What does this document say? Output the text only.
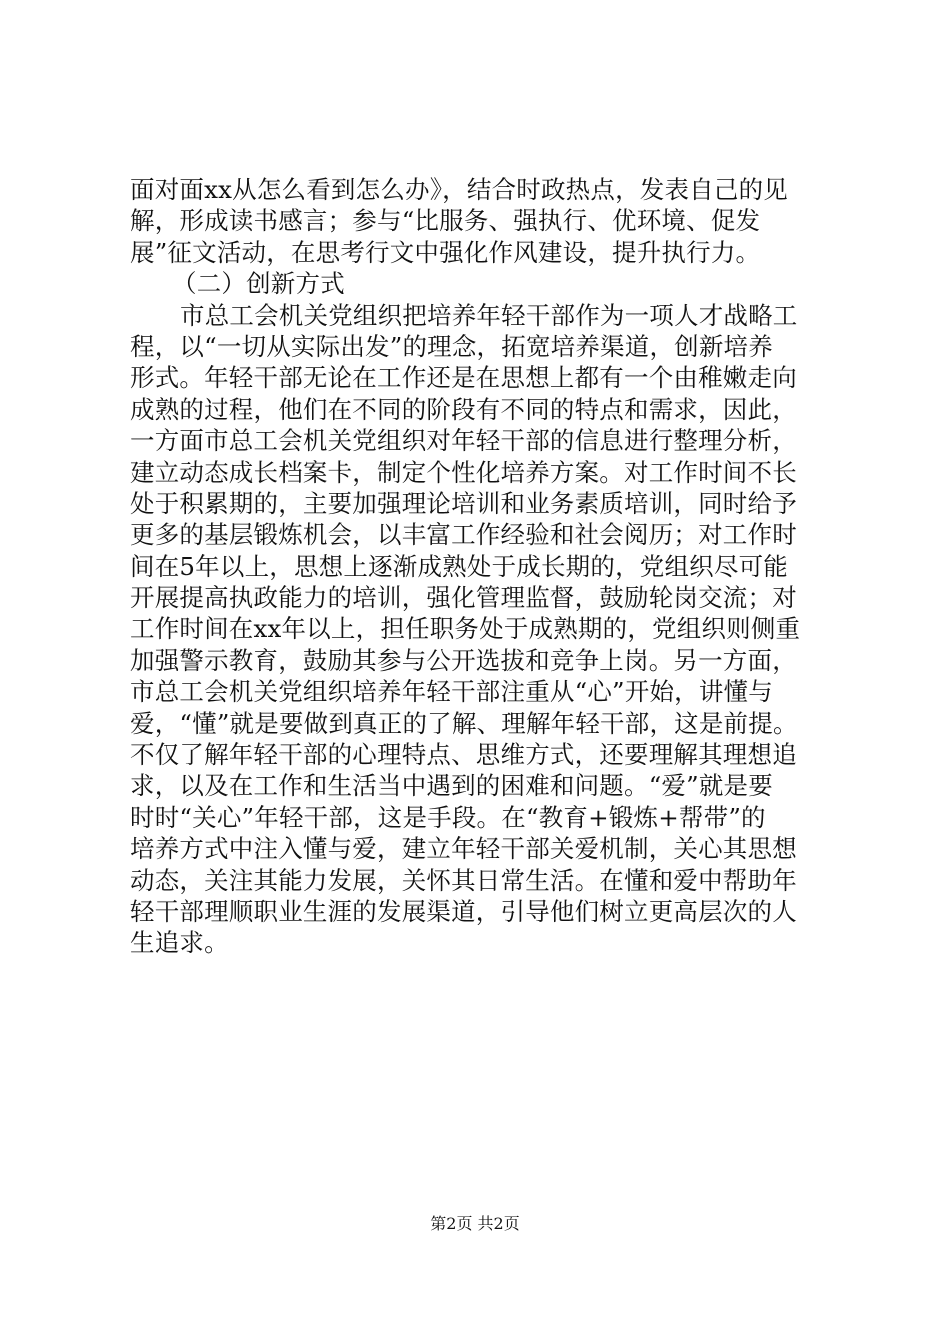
面对面xx从怎么看到怎么办》，结合时政热点，发表自己的见
解，形成读书感言；参与“比服务、强执行、优环境、促发
展”征文活动，在思考行文中强化作风建设，提升执行力。
（二）创新方式
市总工会机关党组织把培养年轻干部作为一项人才战略工
程，以“一切从实际出发”的理念，拓宽培养渠道，创新培养
形式。年轻干部无论在工作还是在思想上都有一个由稚嫩走向
成熟的过程，他们在不同的阶段有不同的特点和需求，因此，
一方面市总工会机关党组织对年轻干部的信息进行整理分析，
建立动态成长档案卡，制定个性化培养方案。对工作时间不长
处于积累期的，主要加强理论培训和业务素质培训，同时给予
更多的基层锻炼机会，以丰富工作经验和社会阅历；对工作时
间在5年以上，思想上逐渐成熟处于成长期的，党组织尽可能
开展提高执政能力的培训，强化管理监督，鼓励轮岗交流；对
工作时间在xx年以上，担任职务处于成熟期的，党组织则侧重
加强警示教育，鼓励其参与公开选拔和竞争上岗。另一方面，
市总工会机关党组织培养年轻干部注重从“心”开始，讲懂与
爱，“懂”就是要做到真正的了解、理解年轻干部，这是前提。
不仅了解年轻干部的心理特点、思维方式，还要理解其理想追
求，以及在工作和生活当中遇到的困难和问题。“爱”就是要
时时“关心”年轻干部，这是手段。在“教育+锻炼+帮带”的
培养方式中注入懂与爱，建立年轻干部关爱机制，关心其思想
动态，关注其能力发展，关怀其日常生活。在懂和爱中帮助年
轻干部理顺职业生涯的发展渠道，引导他们树立更高层次的人
生追求。
第2页 共2页
